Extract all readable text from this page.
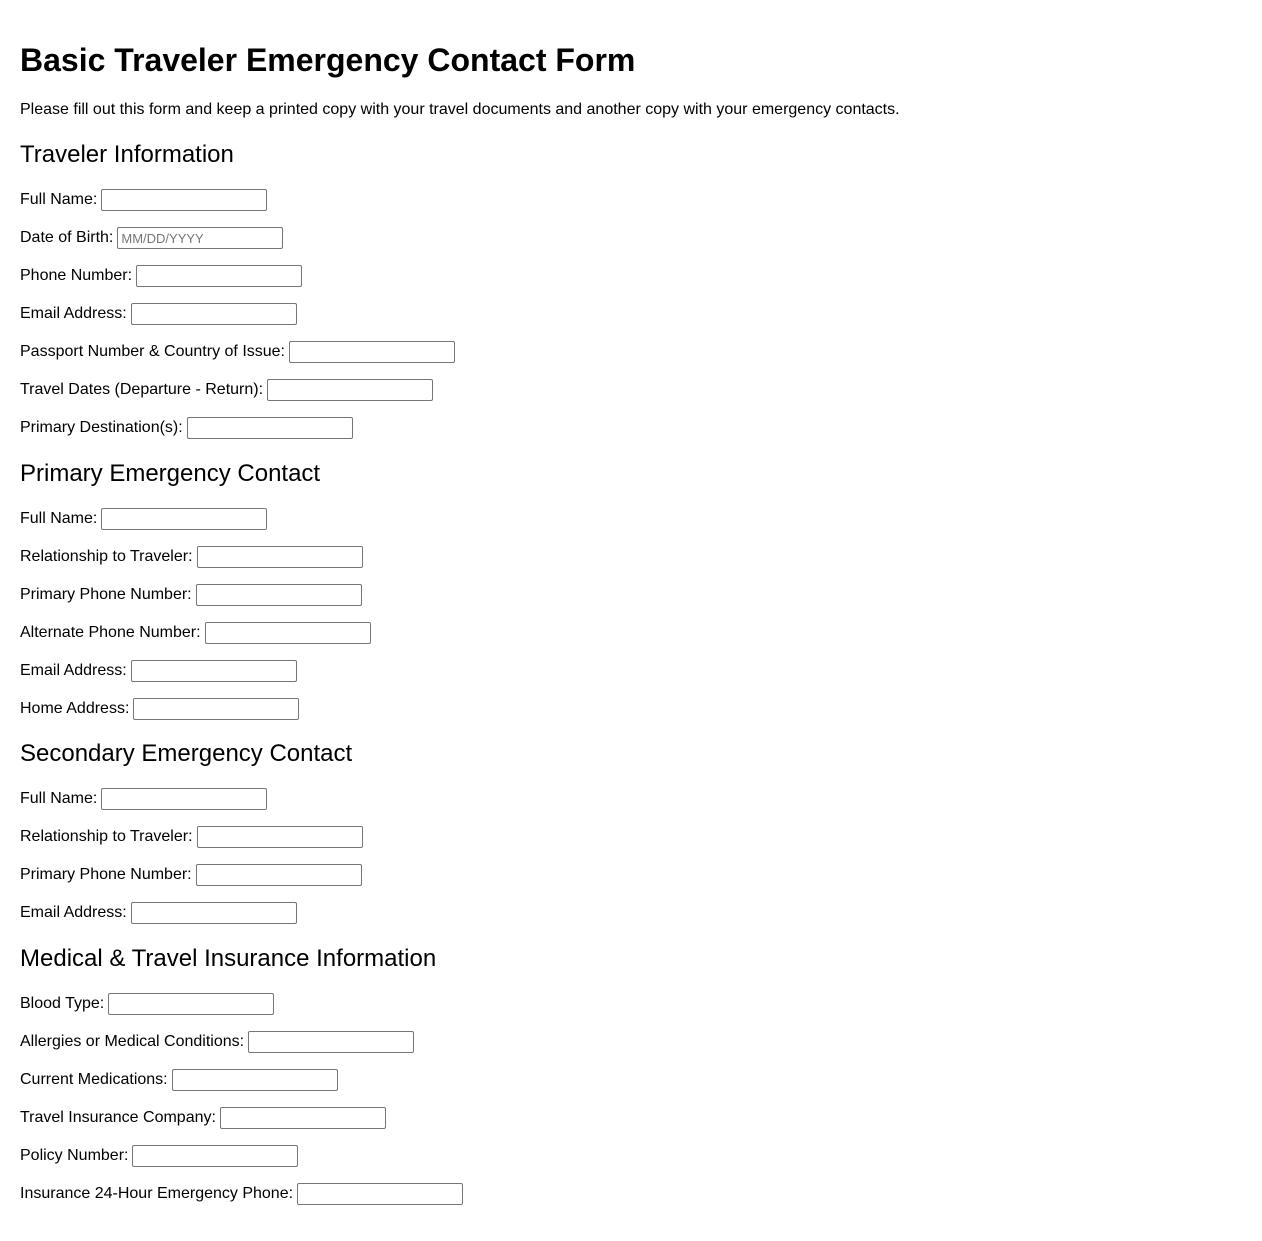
Basic Traveler Emergency Contact Form
Please fill out this form and keep a printed copy with your travel documents and another copy with your emergency contacts.
Traveler Information
Full Name:
Date of Birth:
MM/DD/YYYY
Phone Number:
Email Address:
Passport Number & Country of Issue:
Travel Dates (Departure - Return):
Primary Destination(s):
Primary Emergency Contact
Full Name:
Relationship to Traveler:
Primary Phone Number:
Alternate Phone Number:
Email Address:
Home Address:
Secondary Emergency Contact
Full Name:
Relationship to Traveler:
Primary Phone Number:
Email Address:
Medical & Travel Insurance Information
Blood Type:
Allergies or Medical Conditions:
Current Medications:
Travel Insurance Company:
Policy Number:
Insurance 24-Hour Emergency Phone:
